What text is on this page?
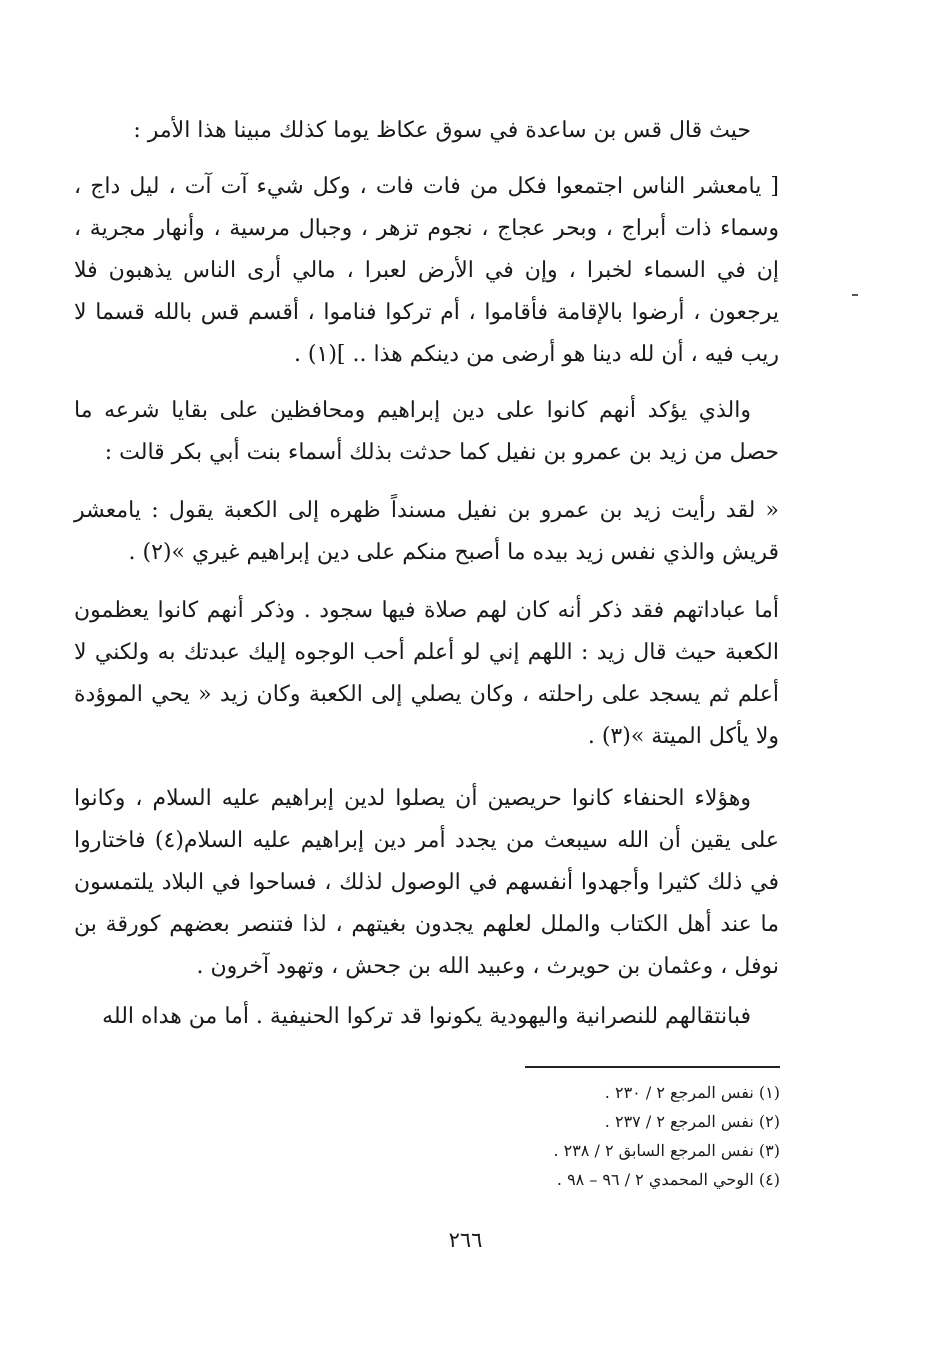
حيث قال قس بن ساعدة في سوق عكاظ يوما كذلك مبينا هذا الأمر :

[ يامعشر الناس اجتمعوا فكل من فات فات ، وكل شيء آت آت ، ليل داج ، وسماء ذات أبراج ، وبحر عجاج ، نجوم تزهر ، وجبال مرسية ، وأنهار مجرية ، إن في السماء لخبرا ، وإن في الأرض لعبرا ، مالي أرى الناس يذهبون فلا يرجعون ، أرضوا بالإقامة فأقاموا ، أم تركوا فناموا ، أقسم قس بالله قسما لا ريب فيه ، أن لله دينا هو أرضى من دينكم هذا .. ](١) .

والذي يؤكد أنهم كانوا على دين إبراهيم ومحافظين على بقايا شرعه ما حصل من زيد بن عمرو بن نفيل كما حدثت بذلك أسماء بنت أبي بكر قالت :

« لقد رأيت زيد بن عمرو بن نفيل مسنداً ظهره إلى الكعبة يقول : يامعشر قريش والذي نفس زيد بيده ما أصبح منكم على دين إبراهيم غيري »(٢) .

أما عباداتهم فقد ذكر أنه كان لهم صلاة فيها سجود . وذكر أنهم كانوا يعظمون الكعبة حيث قال زيد : اللهم إني لو أعلم أحب الوجوه إليك عبدتك به ولكني لا أعلم ثم يسجد على راحلته ، وكان يصلي إلى الكعبة وكان زيد « يحي الموؤدة ولا يأكل الميتة »(٣) .

وهؤلاء الحنفاء كانوا حريصين أن يصلوا لدين إبراهيم عليه السلام ، وكانوا على يقين أن الله سيبعث من يجدد أمر دين إبراهيم عليه السلام(٤) فاختاروا في ذلك كثيرا وأجهدوا أنفسهم في الوصول لذلك ، فساحوا في البلاد يلتمسون ما عند أهل الكتاب والملل لعلهم يجدون بغيتهم ، لذا فتنصر بعضهم كورقة بن نوفل ، وعثمان بن حويرث ، وعبيد الله بن جحش ، وتهود آخرون .

فبانتقالهم للنصرانية واليهودية يكونوا قد تركوا الحنيفية . أما من هداه الله

(١) نفس المرجع ٢ / ٢٣٠ .
(٢) نفس المرجع ٢ / ٢٣٧ .
(٣) نفس المرجع السابق ٢ / ٢٣٨ .
(٤) الوحي المحمدي ٢ / ٩٦ – ٩٨ .
٢٦٦
